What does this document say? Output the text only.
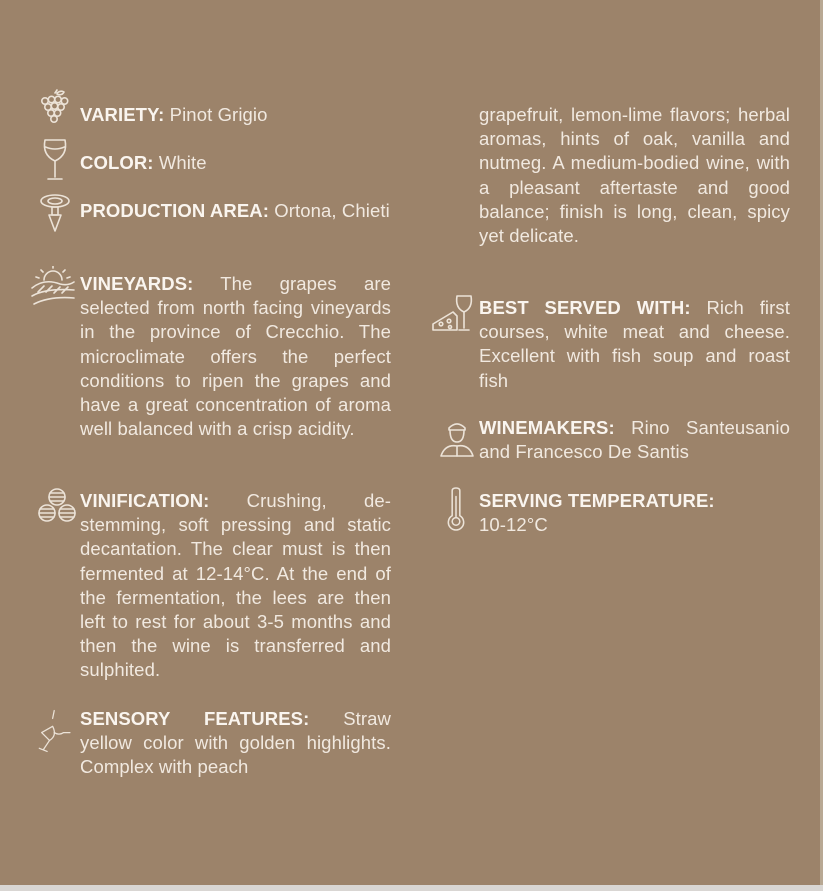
VARIETY: Pinot Grigio
COLOR: White
PRODUCTION AREA: Ortona, Chieti
VINEYARDS: The grapes are selected from north facing vineyards in the province of Crecchio. The microclimate offers the perfect conditions to ripen the grapes and have a great concentration of aroma well balanced with a crisp acidity.
VINIFICATION: Crushing, de-stemming, soft pressing and static decantation. The clear must is then fermented at 12-14°C. At the end of the fermentation, the lees are then left to rest for about 3-5 months and then the wine is transferred and sulphited.
SENSORY FEATURES: Straw yellow color with golden highlights. Complex with peach
grapefruit, lemon-lime flavors; herbal aromas, hints of oak, vanilla and nutmeg. A medium-bodied wine, with a pleasant aftertaste and good balance; finish is long, clean, spicy yet delicate.
BEST SERVED WITH: Rich first courses, white meat and cheese. Excellent with fish soup and roast fish
WINEMAKERS: Rino Santeusanio and Francesco De Santis
SERVING TEMPERATURE:
10-12°C
